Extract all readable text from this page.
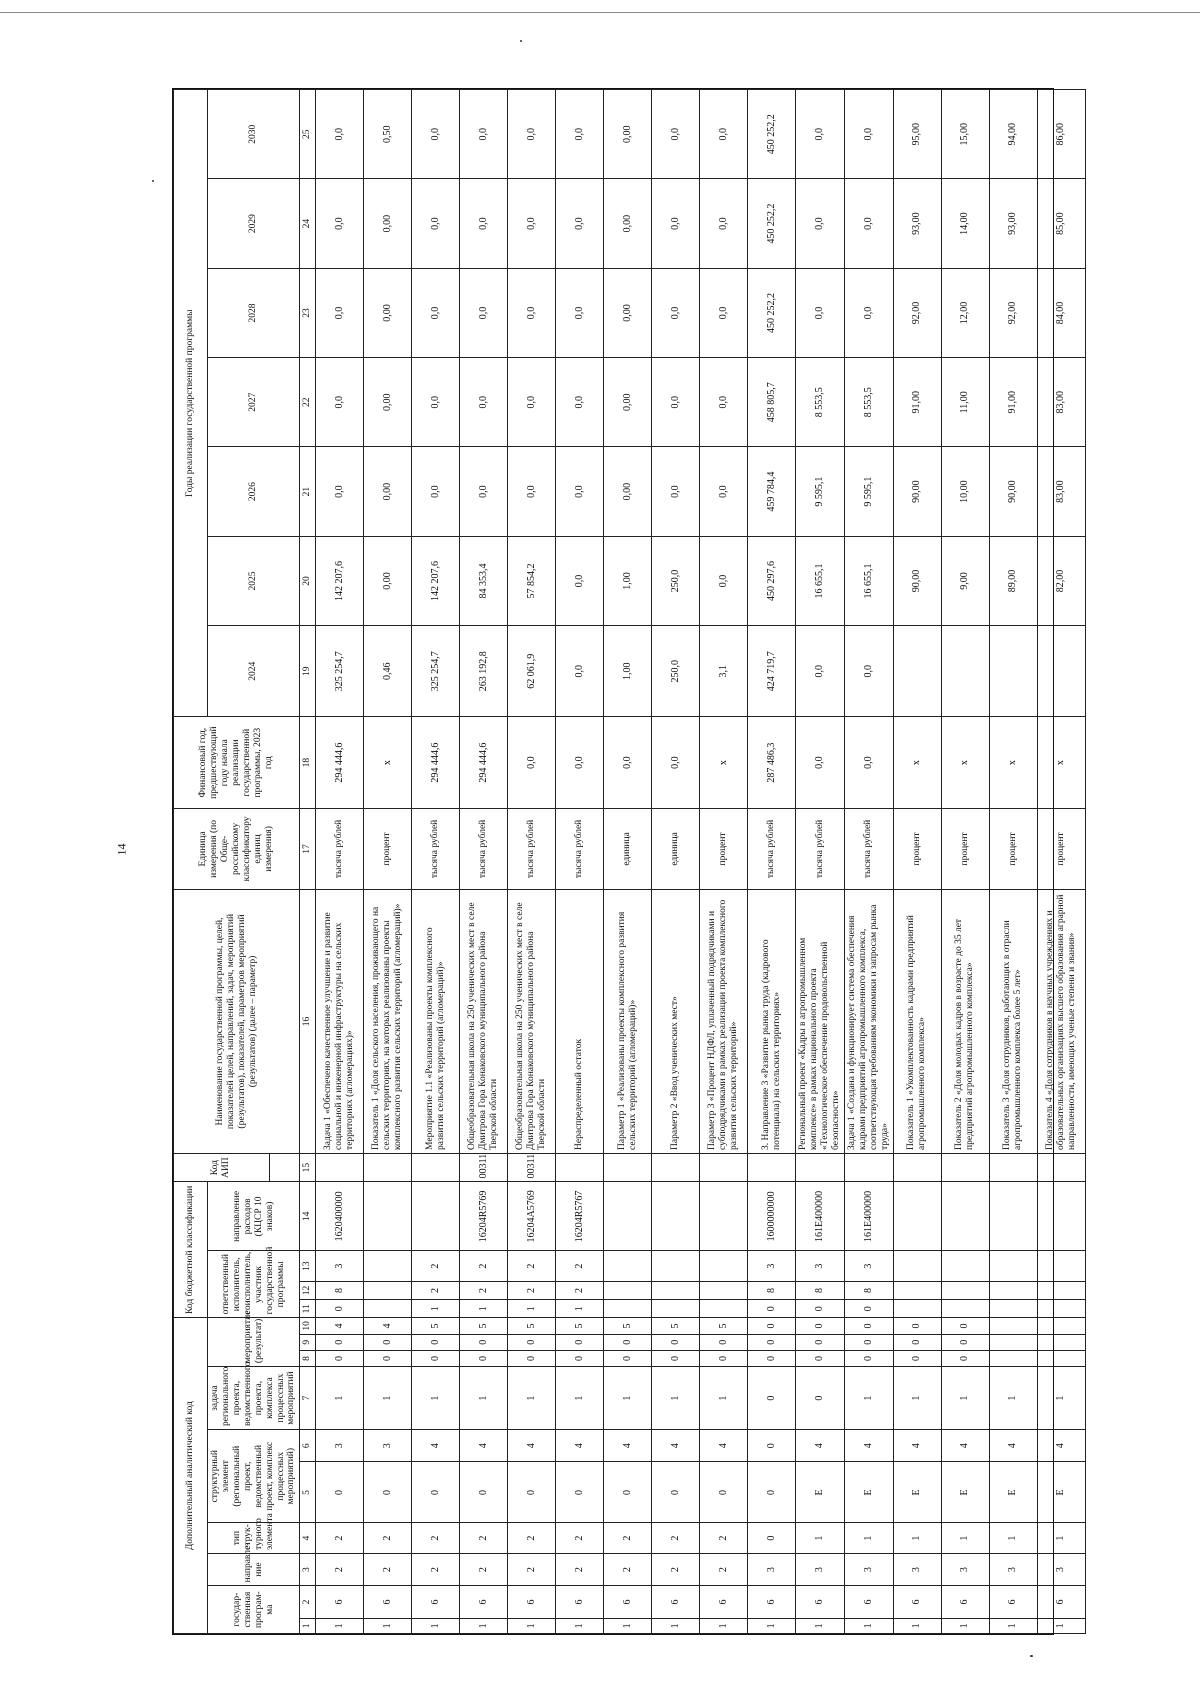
14
Дополнительный аналитический код										Код бюджетной классификации				Код АИП	Наименование государственной программы, целей, показателей целей, направлений, задач, мероприятий (результатов), показателей, параметров мероприятий (результатов) (далее – параметр)	Единица измерения (по Обще-российскому классификатору единиц измерения)	Финансовый год, предшествующий году начала реализации государственной программы, 2023 год	Годы реализации государственной программы						
государ-ственная програм-ма		направле-ние	тип струк-турного элемента	структурный элемент (региональный проект, ведомственный проект, комплекс процессных мероприятий)		задача регионального проекта, ведомственного проекта, комплекса процессных мероприятий	мероприятие (результат)			ответственный исполнитель, соисполнитель, участник государственной программы			направление расходов (КЦСР 10 знаков)					2024	2025	2026	2027	2028	2029	2030

1	2	3	4	5	6	7	8	9	10	11	12	13	14	15	16	17	18	19	20	21	22	23	24	25
1	6	2	2	0	3	1	0	0	4	0	8	3	1620400000		Задача 1 «Обеспечено качественное улучшение и развитие социальной и инженерной инфраструктуры на сельских территориях (агломерациях)»	тысяча рублей	294 444,6	325 254,7	142 207,6	0,0	0,0	0,0	0,0	0,0
1	6	2	2	0	3	1	0	0	4						Показатель 1 «Доля сельского населения, проживающего на сельских территориях, на которых реализованы проекты комплексного развития сельских территорий (агломераций)»	процент	х	0,46	0,00	0,00	0,00	0,00	0,00	0,50
1	6	2	2	0	4	1	0	0	5	1	2	2			Мероприятие 1.1 «Реализованы проекты комплексного развития сельских территорий (агломераций)»	тысяча рублей	294 444,6	325 254,7	142 207,6	0,0	0,0	0,0	0,0	0,0
1	6	2	2	0	4	1	0	0	5	1	2	2	16204R5769	00311	Общеобразовательная школа на 250 ученических мест в селе Дмитрова Гора Конаковского муниципального района Тверской области	тысяча рублей	294 444,6	263 192,8	84 353,4	0,0	0,0	0,0	0,0	0,0
1	6	2	2	0	4	1	0	0	5	1	2	2	16204A5769	00311	Общеобразовательная школа на 250 ученических мест в селе Дмитрова Гора Конаковского муниципального района Тверской области	тысяча рублей	0,0	62 061,9	57 854,2	0,0	0,0	0,0	0,0	0,0
1	6	2	2	0	4	1	0	0	5	1	2	2	16204R5767		Нераспределенный остаток	тысяча рублей	0,0	0,0	0,0	0,0	0,0	0,0	0,0	0,0
1	6	2	2	0	4	1	0	0	5						Параметр 1 «Реализованы проекты комплексного развития сельских территорий (агломераций)»	единица	0,0	1,00	1,00	0,00	0,00	0,00	0,00	0,00
1	6	2	2	0	4	1	0	0	5						Параметр 2 «Ввод ученических мест»	единица	0,0	250,0	250,0	0,0	0,0	0,0	0,0	0,0
1	6	2	2	0	4	1	0	0	5						Параметр 3 «Процент НДФЛ, уплаченный подрядчиками и субподрядчиками в рамках реализации проекта комплексного развития сельских территорий»	процент	х	3,1	0,0	0,0	0,0	0,0	0,0	0,0
1	6	3	0	0	0	0	0	0	0	0	8	3	1600000000		3. Направление 3 «Развитие рынка труда (кадрового потенциала) на сельских территориях»	тысяча рублей	287 486,3	424 719,7	450 297,6	459 784,4	458 805,7	450 252,2	450 252,2	450 252,2
1	6	3	1	Е	4	0	0	0	0	0	8	3	161Е400000		Региональный проект «Кадры в агропромышленном комплексе» в рамках национального проекта «Технологическое обеспечение продовольственной безопасности»	тысяча рублей	0,0	0,0	16 655,1	9 595,1	8 553,5	0,0	0,0	0,0
1	6	3	1	Е	4	1	0	0	0	0	8	3	161Е400000		Задача 1 «Создана и функционирует система обеспечения кадрами предприятий агропромышленного комплекса, соответствующая требованиям экономики и запросам рынка труда»	тысяча рублей	0,0	0,0	16 655,1	9 595,1	8 553,5	0,0	0,0	0,0
1	6	3	1	Е	4	1	0	0	0						Показатель 1 «Укомплектованность кадрами предприятий агропромышленного комплекса»	процент	х		90,00	90,00	91,00	92,00	93,00	95,00
1	6	3	1	Е	4	1	0	0	0						Показатель 2 «Доля молодых кадров в возрасте до 35 лет предприятий агропромышленного комплекса»	процент	х		9,00	10,00	11,00	12,00	14,00	15,00
1	6	3	1	Е	4	1									Показатель 3 «Доля сотрудников, работающих в отрасли агропромышленного комплекса более 5 лет»	процент	х		89,00	90,00	91,00	92,00	93,00	94,00
1	6	3	1	Е	4	1									Показатель 4 «Доля сотрудников в научных учреждениях и образовательных организациях высшего образования аграрной направленности, имеющих ученые степени и звания»	процент	х		82,00	83,00	83,00	84,00	85,00	86,00
